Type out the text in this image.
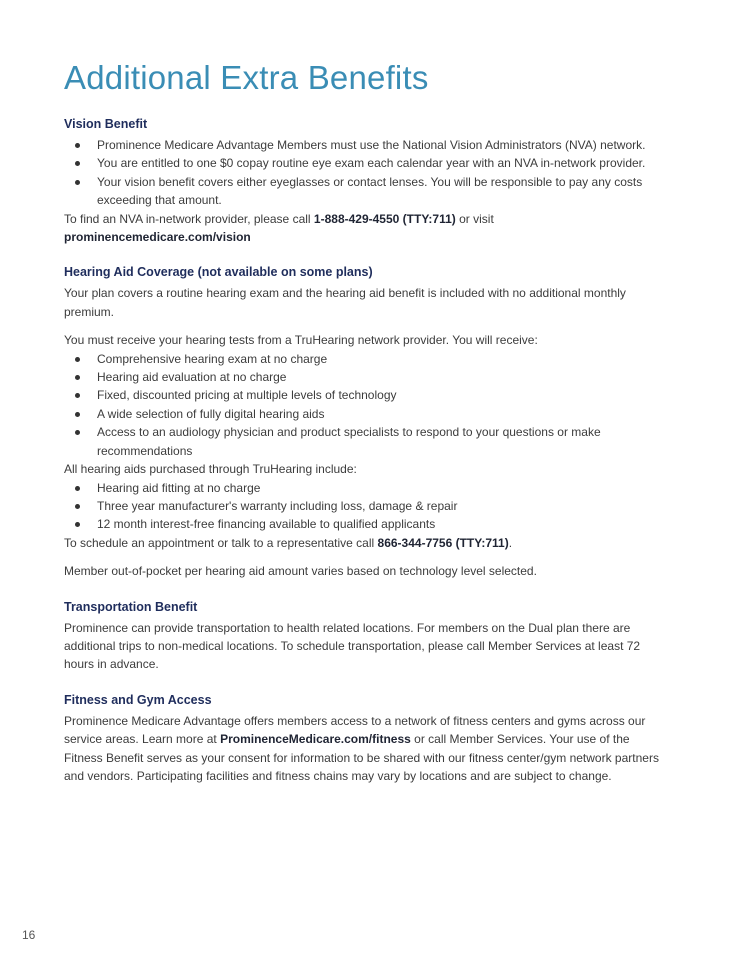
Additional Extra Benefits
Vision Benefit
Prominence Medicare Advantage Members must use the National Vision Administrators (NVA) network.
You are entitled to one $0 copay routine eye exam each calendar year with an NVA in-network provider.
Your vision benefit covers either eyeglasses or contact lenses. You will be responsible to pay any costs exceeding that amount.

To find an NVA in-network provider, please call 1-888-429-4550 (TTY:711) or visit
prominencemedicare.com/vision

Hearing Aid Coverage (not available on some plans)

Your plan covers a routine hearing exam and the hearing aid benefit is included with no additional monthly premium.

You must receive your hearing tests from a TruHearing network provider. You will receive:

Comprehensive hearing exam at no charge
Hearing aid evaluation at no charge
Fixed, discounted pricing at multiple levels of technology
A wide selection of fully digital hearing aids
Access to an audiology physician and product specialists to respond to your questions or make recommendations

All hearing aids purchased through TruHearing include:

Hearing aid fitting at no charge
Three year manufacturer's warranty including loss, damage & repair
12 month interest-free financing available to qualified applicants

To schedule an appointment or talk to a representative call 866-344-7756 (TTY:711).

Member out-of-pocket per hearing aid amount varies based on technology level selected.

Transportation Benefit

Prominence can provide transportation to health related locations. For members on the Dual plan there are additional trips to non-medical locations. To schedule transportation, please call Member Services at least 72 hours in advance.

Fitness and Gym Access

Prominence Medicare Advantage offers members access to a network of fitness centers and gyms across our service areas. Learn more at ProminenceMedicare.com/fitness or call Member Services. Your use of the Fitness Benefit serves as your consent for information to be shared with our fitness center/gym network partners and vendors. Participating facilities and fitness chains may vary by locations and are subject to change.

16
